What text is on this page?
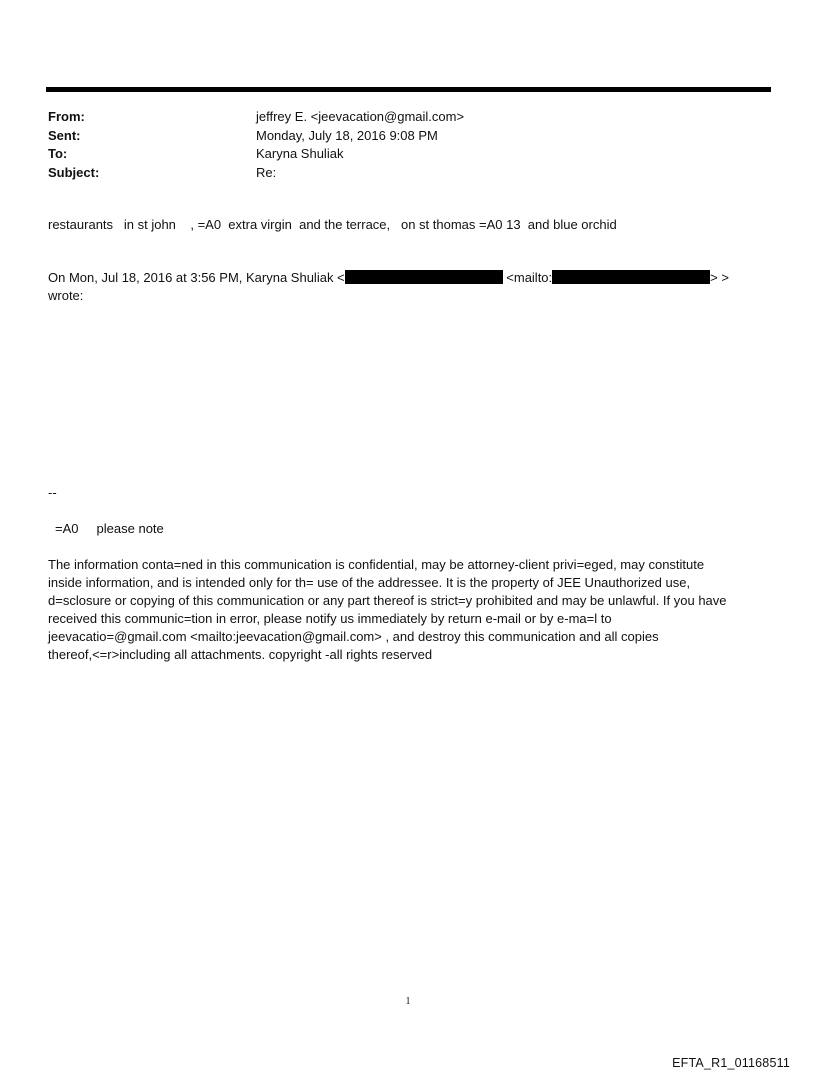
From:	jeffrey E. <jeevacation@gmail.com>
Sent:	Monday, July 18, 2016 9:08 PM
To:	Karyna Shuliak
Subject:	Re:
restaurants   in st john    , =A0  extra virgin  and the terrace,   on st thomas =A0 13  and blue orchid
On Mon, Jul 18, 2016 at 3:56 PM, Karyna Shuliak <	<mailto:	> >
wrote:
--
=A0     please note

The information conta=ned in this communication is confidential, may be attorney-client privi=eged, may constitute

inside information, and is intended only for th= use of the addressee. It is the property of JEE Unauthorized use,

d=sclosure or copying of this communication or any part thereof is strict=y prohibited and may be unlawful. If you have

received this communic=tion in error, please notify us immediately by return e-mail or by e-ma=l to

jeevacatio=@gmail.com <mailto:jeevacation@gmail.com> , and destroy this communication and all copies

thereof,<=r>including all attachments. copyright -all rights reserved

1
EFTA_R1_01168511
